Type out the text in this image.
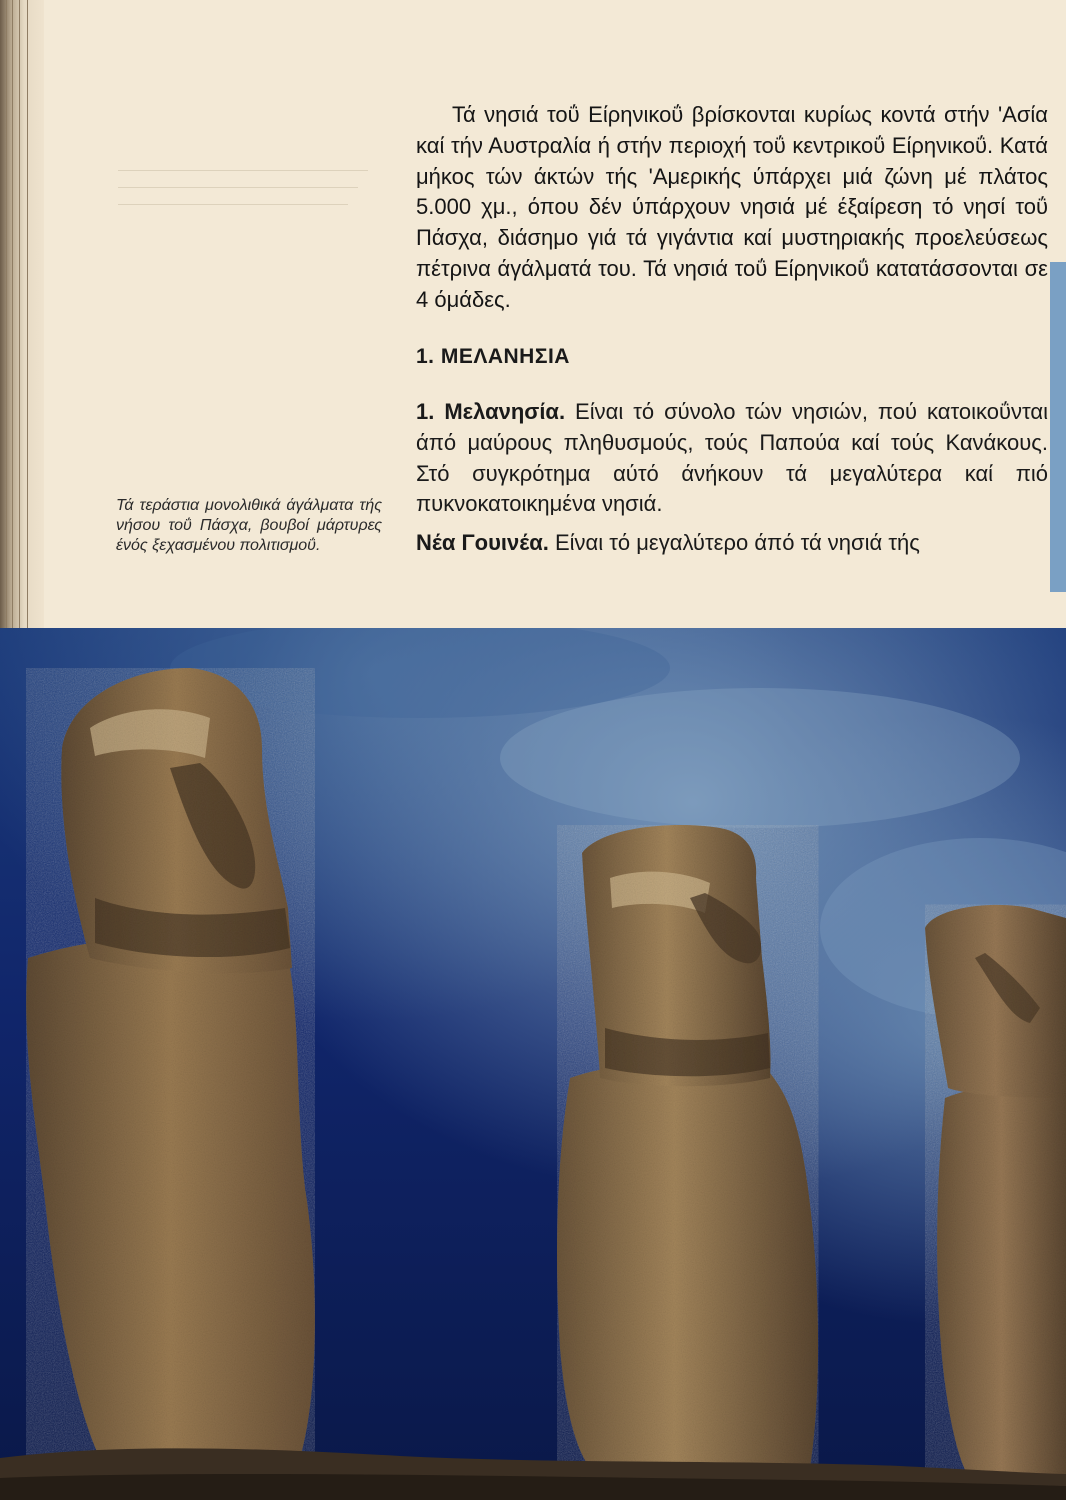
Τά νησιά τοΰ Είρηνικοΰ βρίσκονται κυρίως κοντά στήν 'Ασία καί τήν Αυστραλία ή στήν περιοχή τοΰ κεντρικοΰ Είρηνικοΰ. Κατά μήκος τών άκτών τής 'Αμερικής ύπάρχει μιά ζώνη μέ πλάτος 5.000 χμ., όπου δέν ύπάρχουν νησιά μέ έξαίρεση τό νησί τοΰ Πάσχα, διάσημο γιά τά γιγάντια καί μυστηριακής προελεύσεως πέτρινα άγάλματά του. Τά νησιά τοΰ Είρηνικοΰ κατατάσσονται σε 4 όμάδες.

1. ΜΕΛΑΝΗΣΙΑ

1. Μελανησία. Είναι τό σύνολο τών νησιών, πού κατοικοΰνται άπό μαύρους πληθυσμούς, τούς Παπούα καί τούς Κανάκους. Στό συγκρότημα αύτό άνήκουν τά μεγαλύτερα καί πιό πυκνοκατοικημένα νησιά.

Νέα Γουινέα. Είναι τό μεγαλύτερο άπό τά νησιά τής

Τά τεράστια μονολιθικά άγάλματα τής νήσου τοΰ Πάσχα, βουβοί μάρτυρες ένός ξεχασμένου πολιτισμοΰ.
